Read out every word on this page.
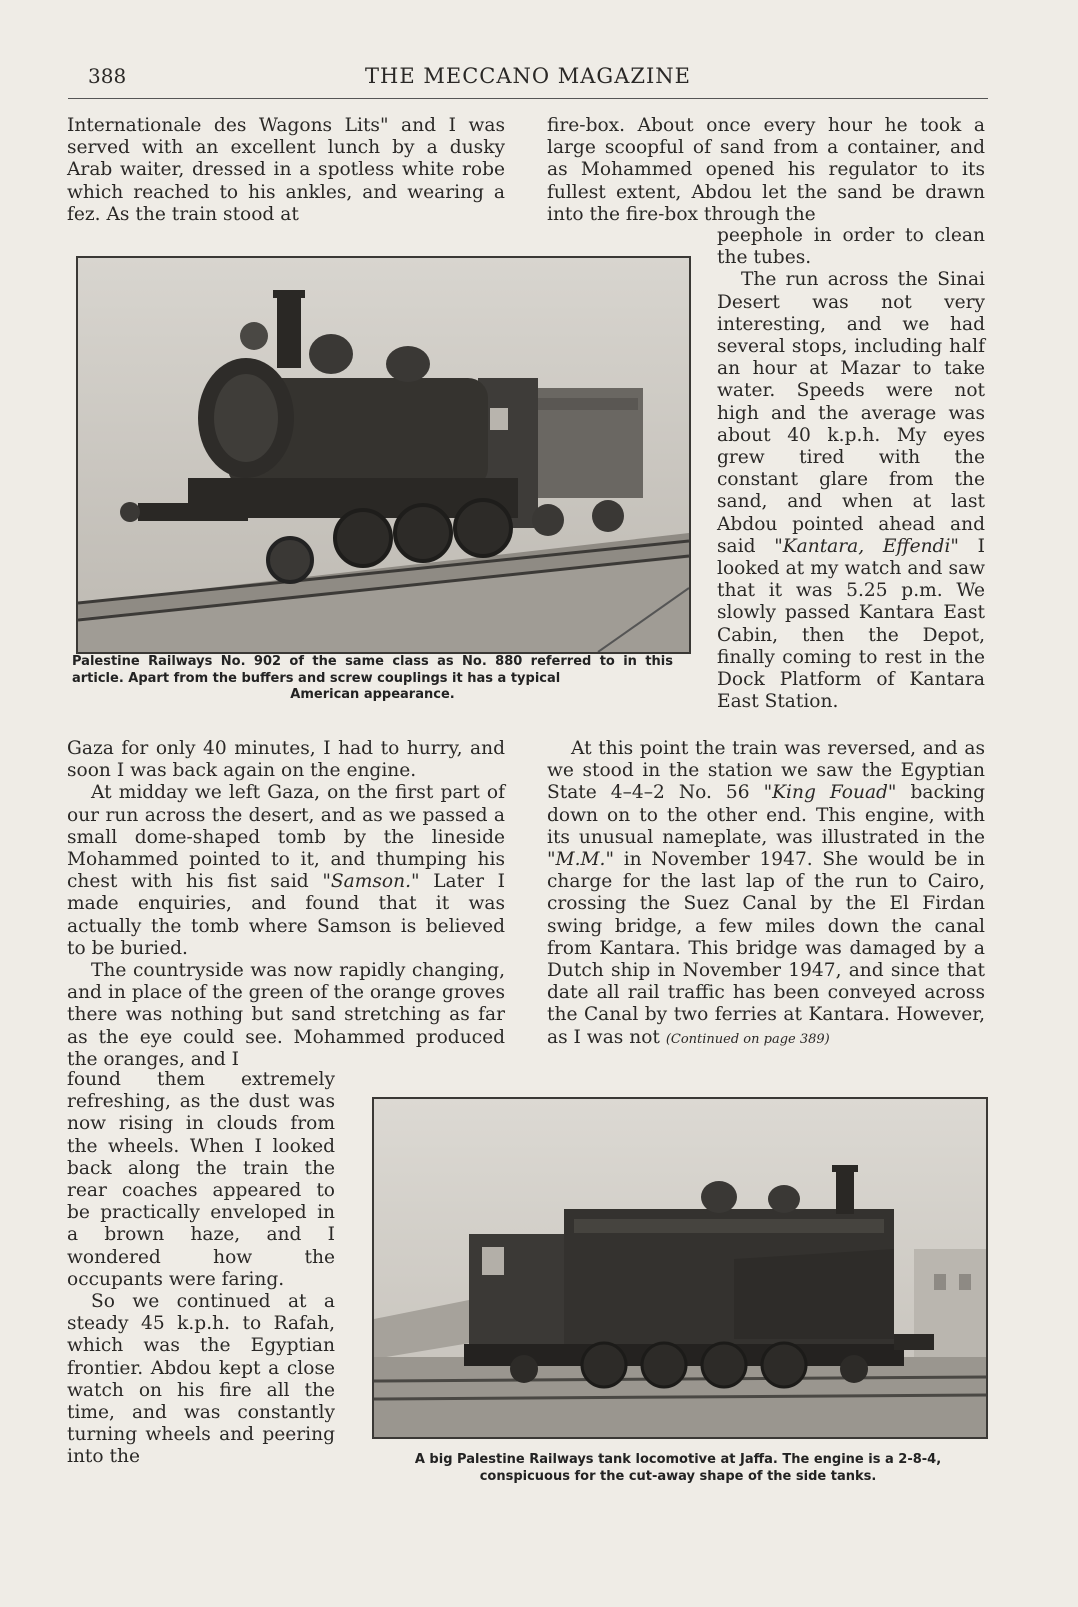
388	THE MECCANO MAGAZINE

Internationale des Wagons Lits" and I was served with an excellent lunch by a dusky Arab waiter, dressed in a spotless white robe which reached to his ankles, and wearing a fez. As the train stood at

fire-box. About once every hour he took a large scoopful of sand from a container, and as Mohammed opened his regulator to its fullest extent, Abdou let the sand be drawn into the fire-box through the

Palestine Railways No. 902 of the same class as No. 880 referred to in this article. Apart from the buffers and screw couplings it has a typical
American appearance.

peephole in order to clean the tubes.

The run across the Sinai Desert was not very interesting, and we had several stops, including half an hour at Mazar to take water. Speeds were not high and the average was about 40 k.p.h. My eyes grew tired with the constant glare from the sand, and when at last Abdou pointed ahead and said "Kantara, Effendi" I looked at my watch and saw that it was 5.25 p.m. We slowly passed Kantara East Cabin, then the Depot, finally coming to rest in the Dock Platform of Kantara East Station.

Gaza for only 40 minutes, I had to hurry, and soon I was back again on the engine.

At midday we left Gaza, on the first part of our run across the desert, and as we passed a small dome-shaped tomb by the lineside Mohammed pointed to it, and thumping his chest with his fist said "Samson." Later I made enquiries, and found that it was actually the tomb where Samson is believed to be buried.

The countryside was now rapidly changing, and in place of the green of the orange groves there was nothing but sand stretching as far as the eye could see. Mohammed produced the oranges, and I

At this point the train was reversed, and as we stood in the station we saw the Egyptian State 4–4–2 No. 56 "King Fouad" backing down on to the other end. This engine, with its unusual nameplate, was illustrated in the "M.M." in November 1947. She would be in charge for the last lap of the run to Cairo, crossing the Suez Canal by the El Firdan swing bridge, a few miles down the canal from Kantara. This bridge was damaged by a Dutch ship in November 1947, and since that date all rail traffic has been conveyed across the Canal by two ferries at Kantara. However, as I was not (Continued on page 389)

found them extremely refreshing, as the dust was now rising in clouds from the wheels. When I looked back along the train the rear coaches appeared to be practically enveloped in a brown haze, and I wondered how the occupants were faring.

So we continued at a steady 45 k.p.h. to Rafah, which was the Egyptian frontier. Abdou kept a close watch on his fire all the time, and was constantly turning wheels and peering into the	A big Palestine Railways tank locomotive at Jaffa. The engine is a 2-8-4,
conspicuous for the cut-away shape of the side tanks.
